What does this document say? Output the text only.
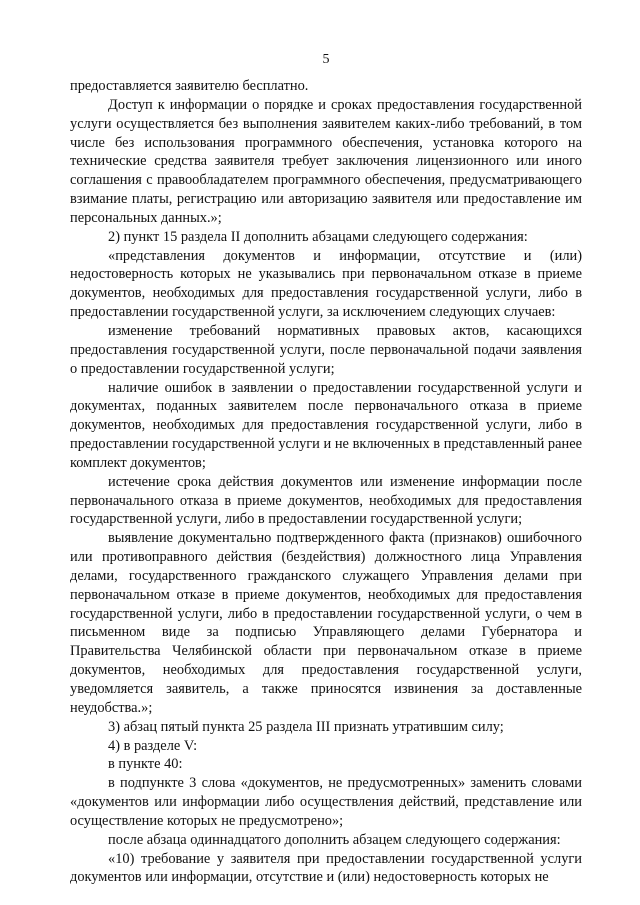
5

предоставляется заявителю бесплатно.

Доступ к информации о порядке и сроках предоставления государственной услуги осуществляется без выполнения заявителем каких-либо требований, в том числе без использования программного обеспечения, установка которого на технические средства заявителя требует заключения лицензионного или иного соглашения с правообладателем программного обеспечения, предусматривающего взимание платы, регистрацию или авторизацию заявителя или предоставление им персональных данных.»;

2) пункт 15 раздела II дополнить абзацами следующего содержания:

«представления документов и информации, отсутствие и (или) недостоверность которых не указывались при первоначальном отказе в приеме документов, необходимых для предоставления государственной услуги, либо в предоставлении государственной услуги, за исключением следующих случаев:

изменение требований нормативных правовых актов, касающихся предоставления государственной услуги, после первоначальной подачи заявления о предоставлении государственной услуги;

наличие ошибок в заявлении о предоставлении государственной услуги и документах, поданных заявителем после первоначального отказа в приеме документов, необходимых для предоставления государственной услуги, либо в предоставлении государственной услуги и не включенных в представленный ранее комплект документов;

истечение срока действия документов или изменение информации после первоначального отказа в приеме документов, необходимых для предоставления государственной услуги, либо в предоставлении государственной услуги;

выявление документально подтвержденного факта (признаков) ошибочного или противоправного действия (бездействия) должностного лица Управления делами, государственного гражданского служащего Управления делами при первоначальном отказе в приеме документов, необходимых для предоставления государственной услуги, либо в предоставлении государственной услуги, о чем в письменном виде за подписью Управляющего делами Губернатора и Правительства Челябинской области при первоначальном отказе в приеме документов, необходимых для предоставления государственной услуги, уведомляется заявитель, а также приносятся извинения за доставленные неудобства.»;

3) абзац пятый пункта 25 раздела III признать утратившим силу;

4) в разделе V:

в пункте 40:

в подпункте 3 слова «документов, не предусмотренных» заменить словами «документов или информации либо осуществления действий, представление или осуществление которых не предусмотрено»;

после абзаца одиннадцатого дополнить абзацем следующего содержания:

«10) требование у заявителя при предоставлении государственной услуги документов или информации, отсутствие и (или) недостоверность которых не
